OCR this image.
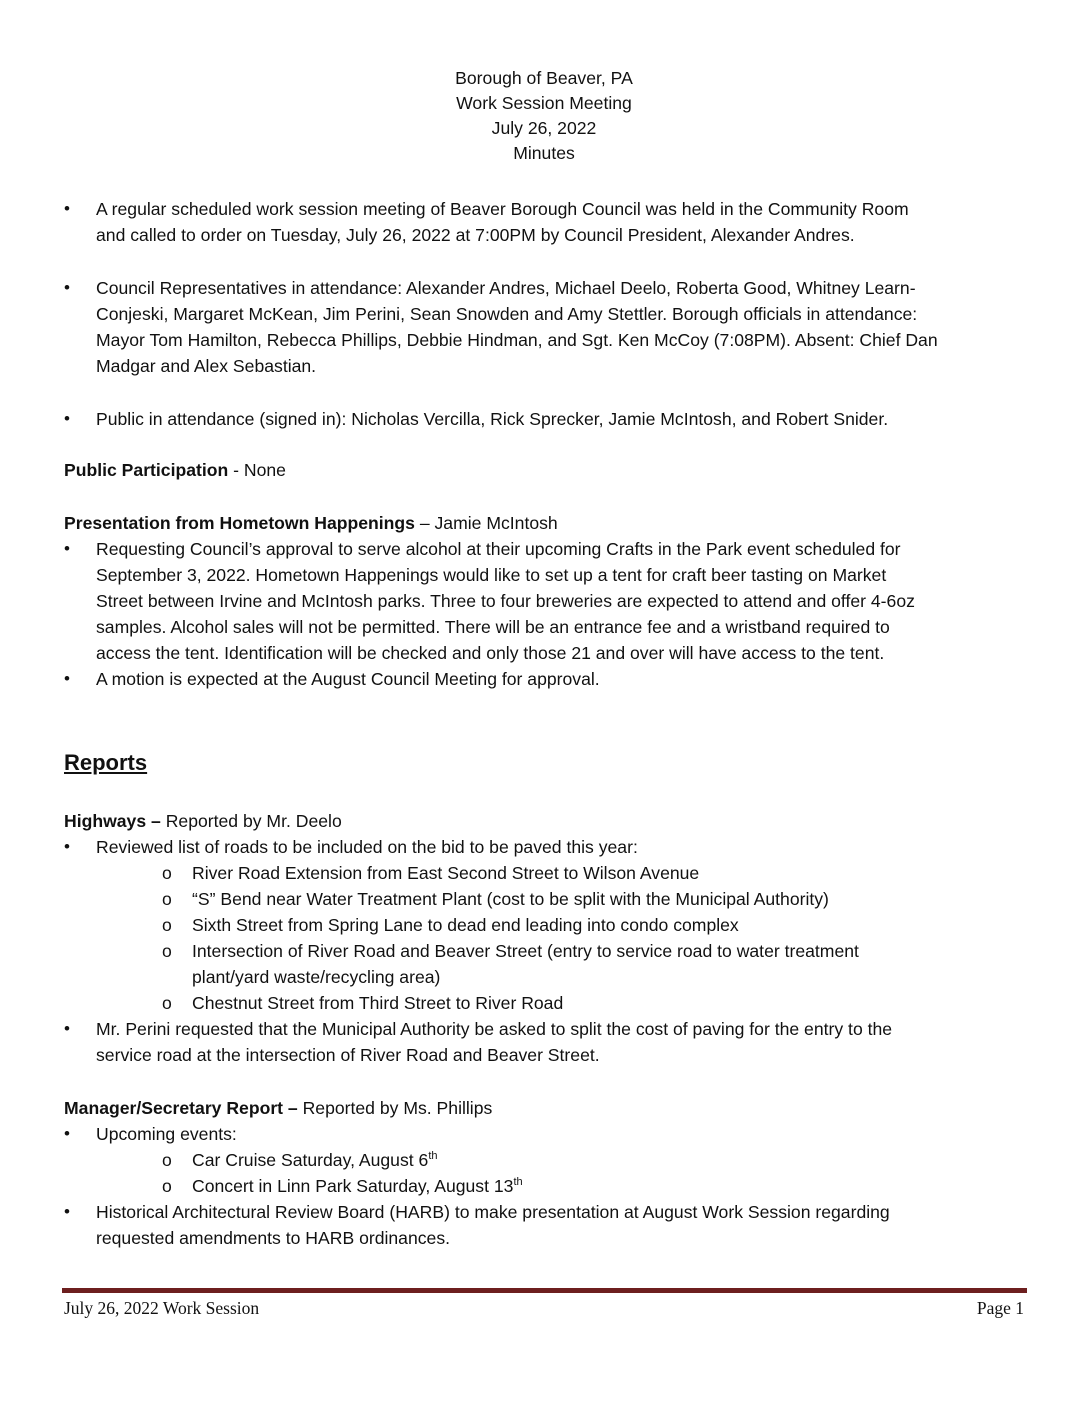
Borough of Beaver, PA
Work Session Meeting
July 26, 2022
Minutes
• A regular scheduled work session meeting of Beaver Borough Council was held in the Community Room
and called to order on Tuesday, July 26, 2022 at 7:00PM by Council President, Alexander Andres.
• Council Representatives in attendance: Alexander Andres, Michael Deelo, Roberta Good, Whitney Learn-
Conjeski, Margaret McKean, Jim Perini, Sean Snowden and Amy Stettler. Borough officials in attendance:
Mayor Tom Hamilton, Rebecca Phillips, Debbie Hindman, and Sgt. Ken McCoy (7:08PM). Absent: Chief Dan
Madgar and Alex Sebastian.
• Public in attendance (signed in): Nicholas Vercilla, Rick Sprecker, Jamie McIntosh, and Robert Snider.
Public Participation - None
Presentation from Hometown Happenings – Jamie McIntosh
• Requesting Council’s approval to serve alcohol at their upcoming Crafts in the Park event scheduled for
September 3, 2022. Hometown Happenings would like to set up a tent for craft beer tasting on Market
Street between Irvine and McIntosh parks. Three to four breweries are expected to attend and offer 4-6oz
samples. Alcohol sales will not be permitted. There will be an entrance fee and a wristband required to
access the tent. Identification will be checked and only those 21 and over will have access to the tent.
• A motion is expected at the August Council Meeting for approval.
Reports
Highways – Reported by Mr. Deelo
• Reviewed list of roads to be included on the bid to be paved this year:
o River Road Extension from East Second Street to Wilson Avenue
o “S” Bend near Water Treatment Plant (cost to be split with the Municipal Authority)
o Sixth Street from Spring Lane to dead end leading into condo complex
o Intersection of River Road and Beaver Street (entry to service road to water treatment
plant/yard waste/recycling area)
o Chestnut Street from Third Street to River Road
• Mr. Perini requested that the Municipal Authority be asked to split the cost of paving for the entry to the
service road at the intersection of River Road and Beaver Street.
Manager/Secretary Report – Reported by Ms. Phillips
• Upcoming events:
o Car Cruise Saturday, August 6th
o Concert in Linn Park Saturday, August 13th
• Historical Architectural Review Board (HARB) to make presentation at August Work Session regarding
requested amendments to HARB ordinances.
July 26, 2022 Work Session	Page 1
